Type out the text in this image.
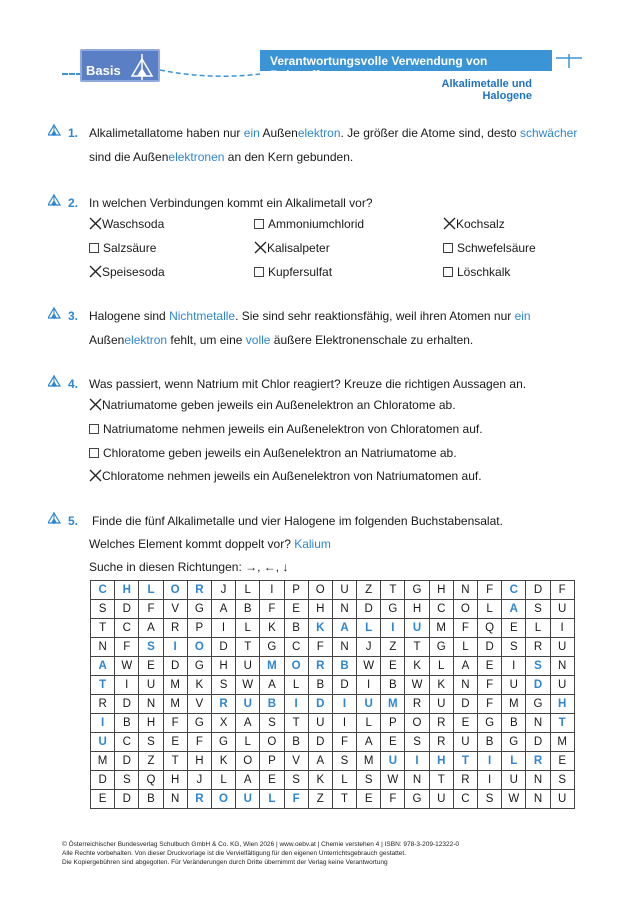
Basis
Verantwortungsvolle Verwendung von Rohstoffen
Alkalimetalle und Halogene
1. Alkalimetallatome haben nur ein Außenelektron. Je größer die Atome sind, desto schwächer
sind die Außenelektronen an den Kern gebunden.
2. In welchen Verbindungen kommt ein Alkalimetall vor?
Waschsoda	Ammoniumchlorid	Kochsalz
Salzsäure	Kalisalpeter	Schwefelsäure
Speisesoda	Kupfersulfat	Löschkalk
3. Halogene sind Nichtmetalle. Sie sind sehr reaktionsfähig, weil ihren Atomen nur ein
Außenelektron fehlt, um eine volle äußere Elektronenschale zu erhalten.
4. Was passiert, wenn Natrium mit Chlor reagiert? Kreuze die richtigen Aussagen an.
Natriumatome geben jeweils ein Außenelektron an Chloratome ab.
Natriumatome nehmen jeweils ein Außenelektron von Chloratomen auf.
Chloratome geben jeweils ein Außenelektron an Natriumatome ab.
Chloratome nehmen jeweils ein Außenelektron von Natriumatomen auf.
5. Finde die fünf Alkalimetalle und vier Halogene im folgenden Buchstabensalat.
Welches Element kommt doppelt vor? Kalium
Suche in diesen Richtungen: →, ←, ↓
C	H	L	O	R	J	L	I	P	O	U	Z	T	G	H	N	F	C	D	F
S	D	F	V	G	A	B	F	E	H	N	D	G	H	C	O	L	A	S	U
T	C	A	R	P	I	L	K	B	K	A	L	I	U	M	F	Q	E	L	I
N	F	S	I	O	D	T	G	C	F	N	J	Z	T	G	L	D	S	R	U
A	W	E	D	G	H	U	M	O	R	B	W	E	K	L	A	E	I	S	N
T	I	U	M	K	S	W	A	L	B	D	I	B	W	K	N	F	U	D	U
R	D	N	M	V	R	U	B	I	D	I	U	M	R	U	D	F	M	G	H
I	B	H	F	G	X	A	S	T	U	I	L	P	O	R	E	G	B	N	T
U	C	S	E	F	G	L	O	B	D	F	A	E	S	R	U	B	G	D	M
M	D	Z	T	H	K	O	P	V	A	S	M	U	I	H	T	I	L	R	E
D	S	Q	H	J	L	A	E	S	K	L	S	W	N	T	R	I	U	N	S
E	D	B	N	R	O	U	L	F	Z	T	E	F	G	U	C	S	W	N	U
© Österreichischer Bundesverlag Schulbuch GmbH & Co. KG, Wien 2026 | www.oebv.at | Chemie verstehen 4 | ISBN: 978-3-209-12322-0
Alle Rechte vorbehalten. Von dieser Druckvorlage ist die Vervielfältigung für den eigenen Unterrichtsgebrauch gestattet.
Die Kopiergebühren sind abgegolten. Für Veränderungen durch Dritte übernimmt der Verlag keine Verantwortung
